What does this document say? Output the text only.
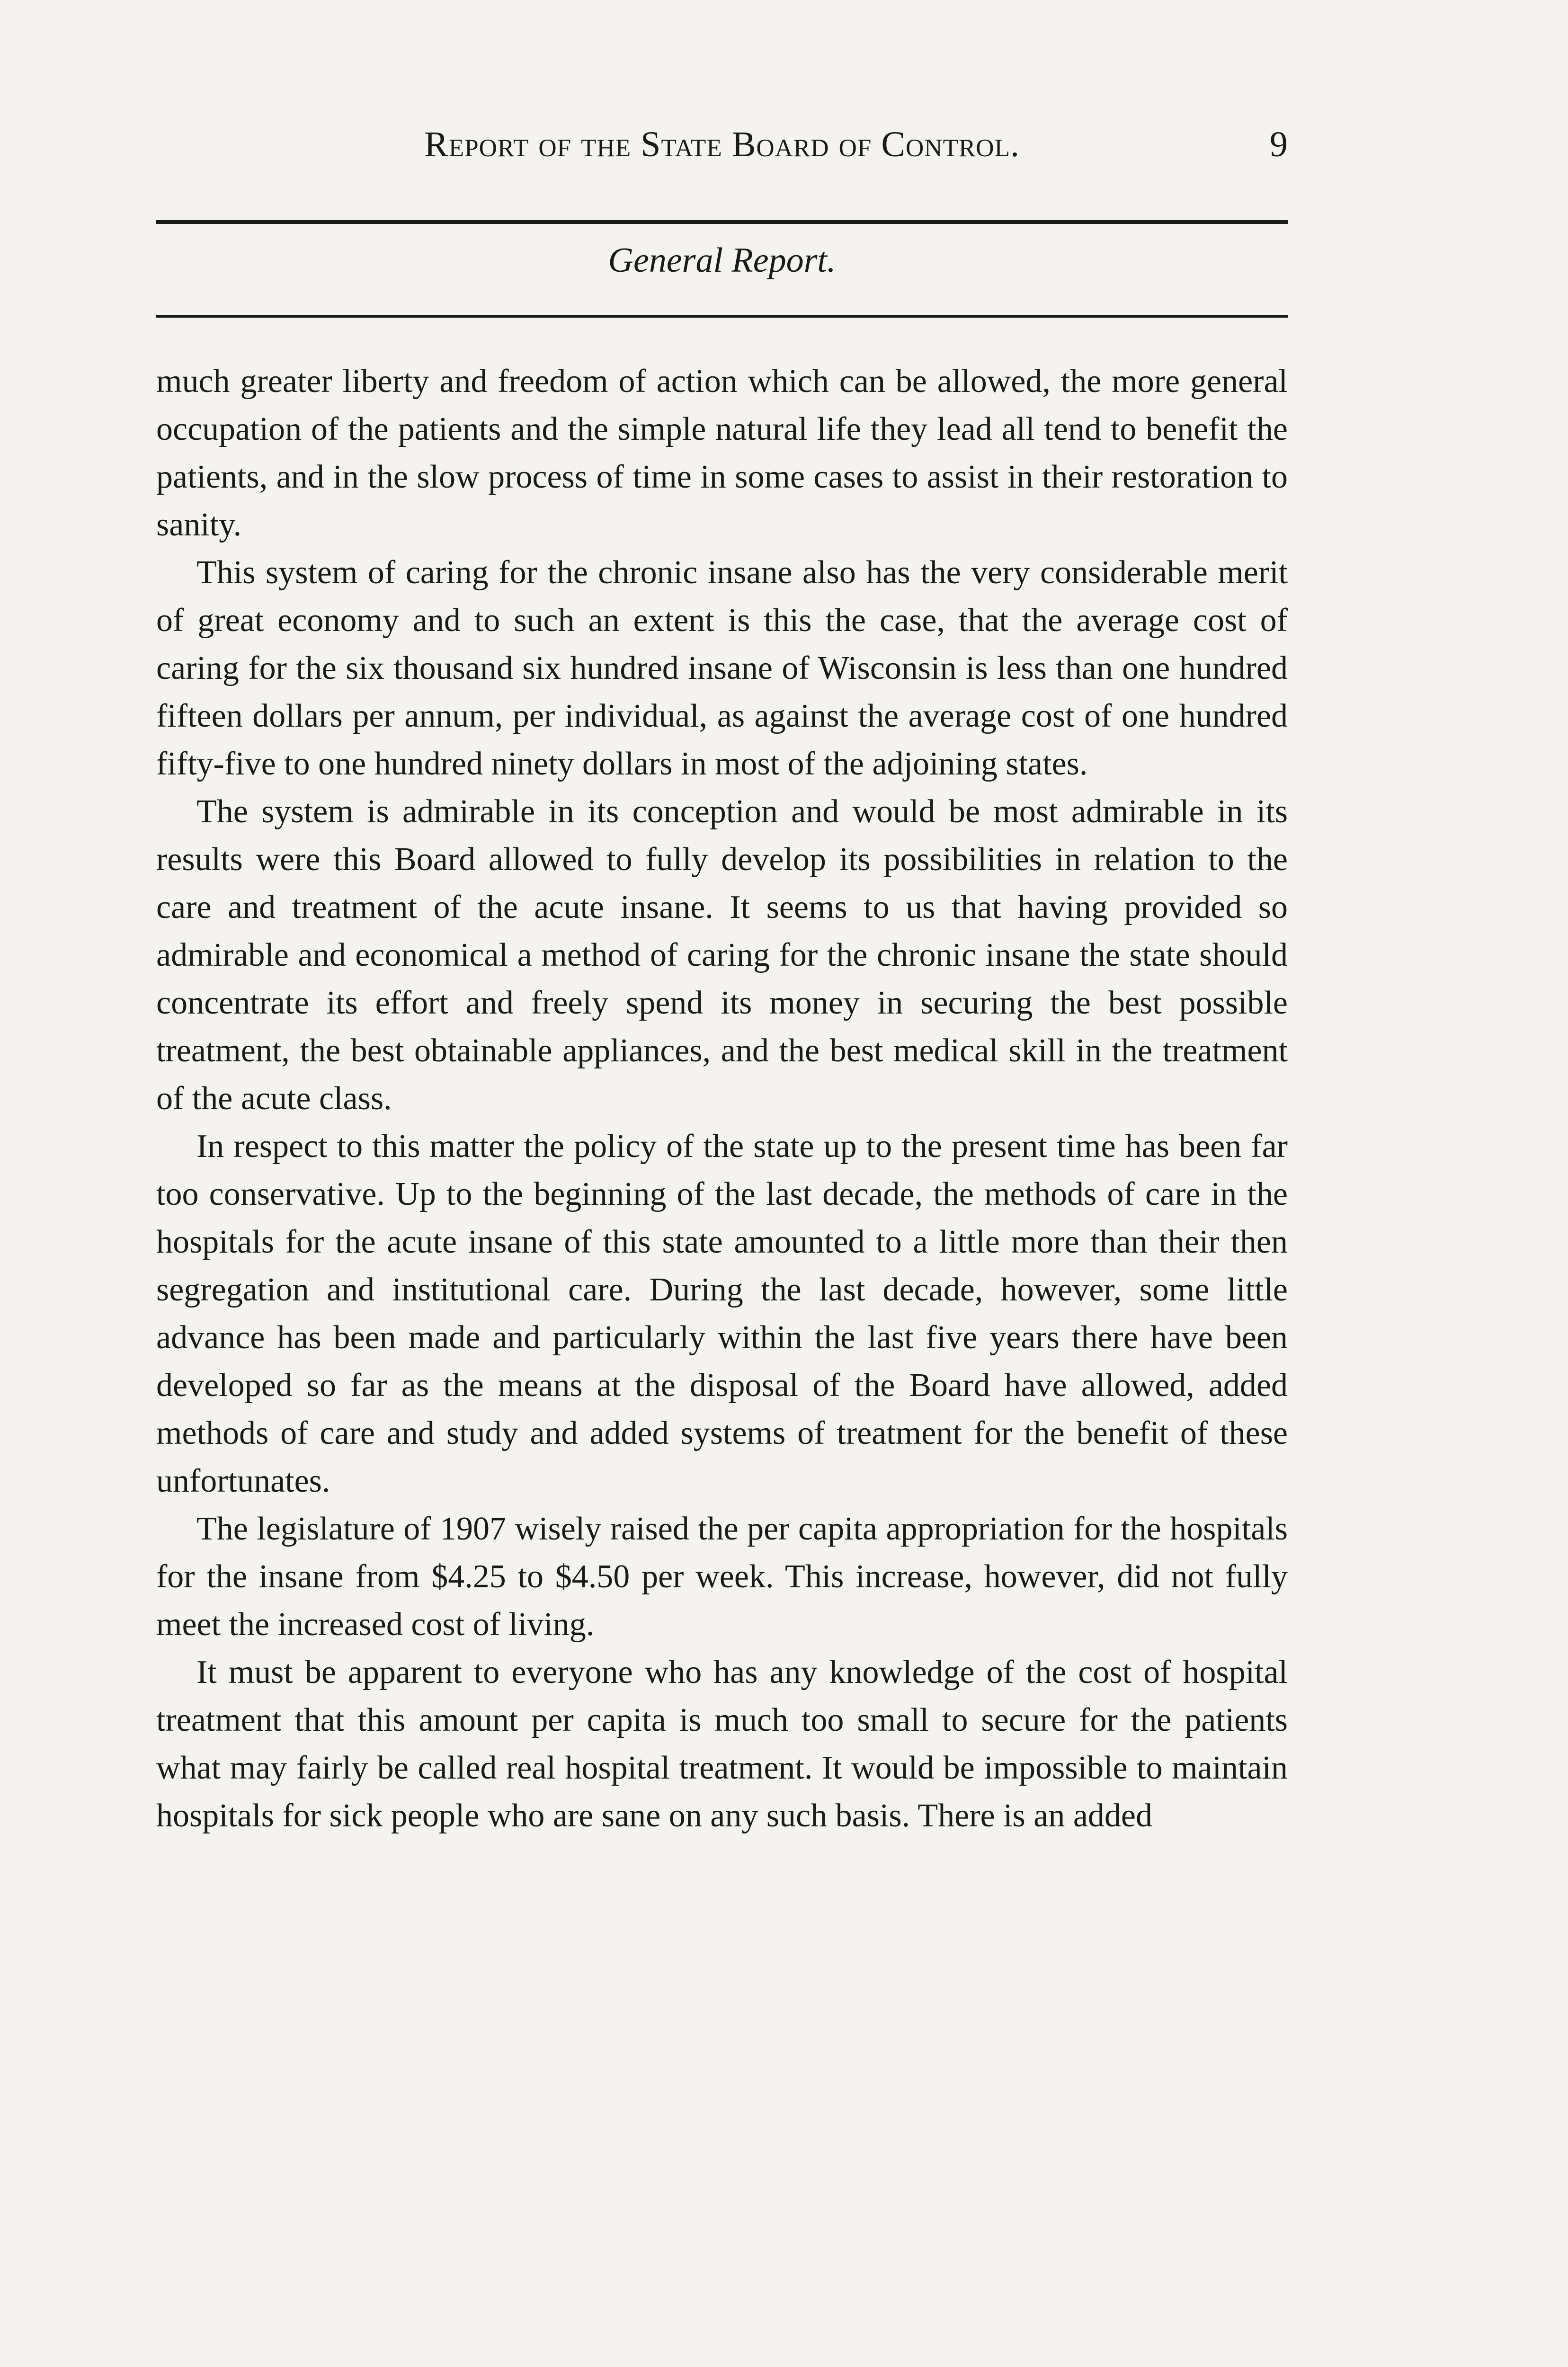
Report of the State Board of Control.	9
General Report.

much greater liberty and freedom of action which can be allowed, the more general occupation of the patients and the simple natural life they lead all tend to benefit the patients, and in the slow process of time in some cases to assist in their restoration to sanity.

This system of caring for the chronic insane also has the very considerable merit of great economy and to such an extent is this the case, that the average cost of caring for the six thousand six hundred insane of Wisconsin is less than one hundred fifteen dollars per annum, per individual, as against the average cost of one hundred fifty-five to one hundred ninety dollars in most of the adjoining states.

The system is admirable in its conception and would be most admirable in its results were this Board allowed to fully develop its possibilities in relation to the care and treatment of the acute insane. It seems to us that having provided so admirable and economical a method of caring for the chronic insane the state should concentrate its effort and freely spend its money in securing the best possible treatment, the best obtainable appliances, and the best medical skill in the treatment of the acute class.

In respect to this matter the policy of the state up to the present time has been far too conservative. Up to the beginning of the last decade, the methods of care in the hospitals for the acute insane of this state amounted to a little more than their then segregation and institutional care. During the last decade, however, some little advance has been made and particularly within the last five years there have been developed so far as the means at the disposal of the Board have allowed, added methods of care and study and added systems of treatment for the benefit of these unfortunates.

The legislature of 1907 wisely raised the per capita appropriation for the hospitals for the insane from $4.25 to $4.50 per week. This increase, however, did not fully meet the increased cost of living.

It must be apparent to everyone who has any knowledge of the cost of hospital treatment that this amount per capita is much too small to secure for the patients what may fairly be called real hospital treatment. It would be impossible to maintain hospitals for sick people who are sane on any such basis. There is an added
